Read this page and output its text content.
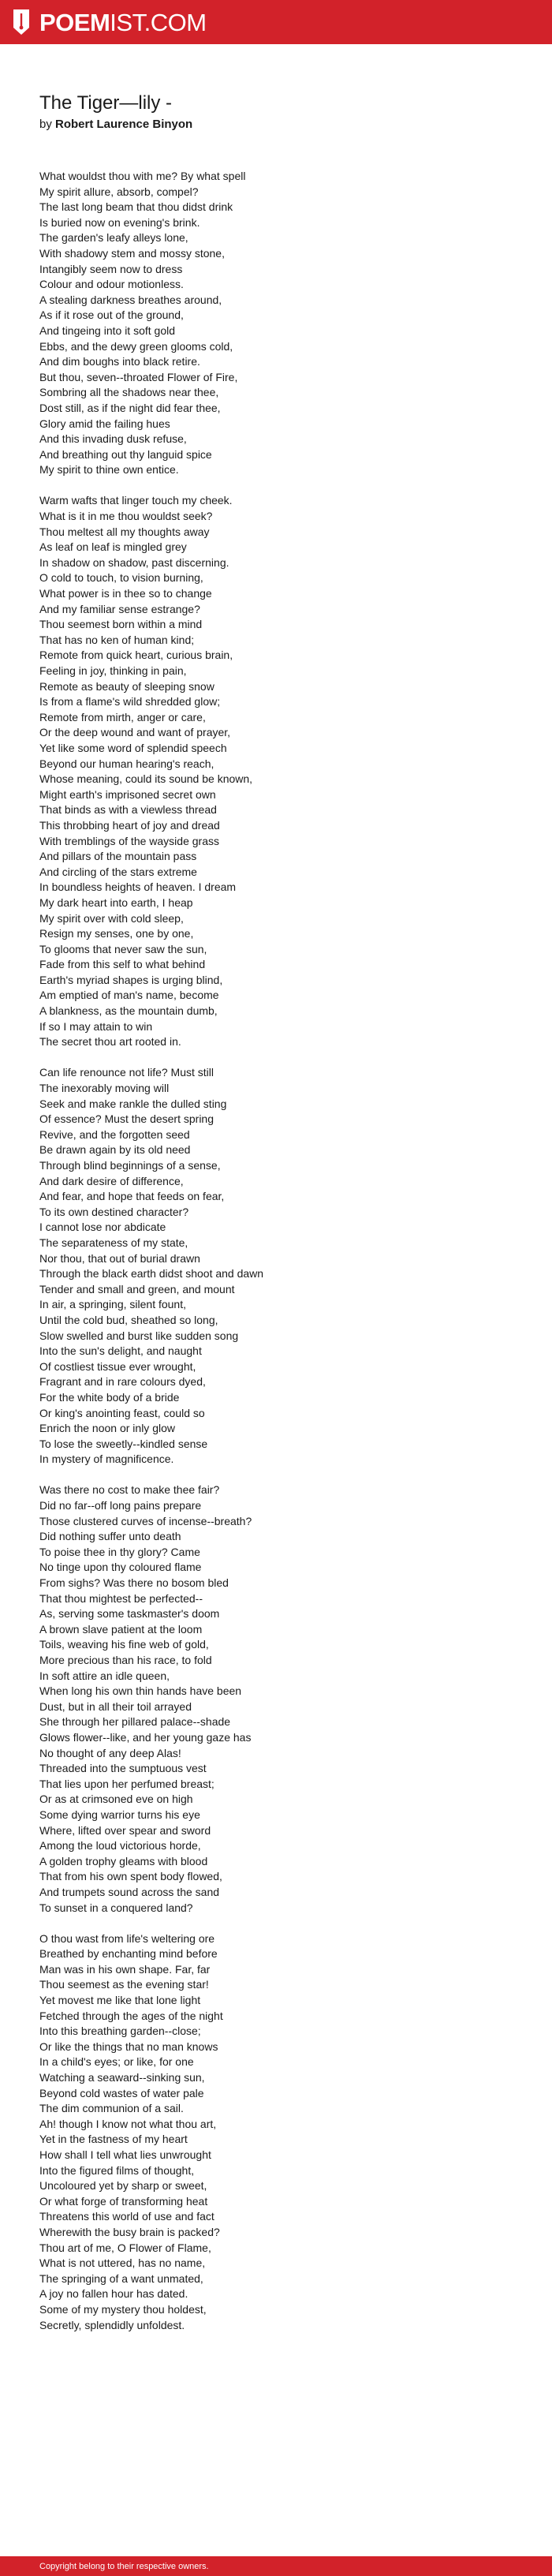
POEMIST.COM
The Tiger—lily -
by Robert Laurence Binyon
What wouldst thou with me? By what spell
My spirit allure, absorb, compel?
The last long beam that thou didst drink
Is buried now on evening's brink.
The garden's leafy alleys lone,
With shadowy stem and mossy stone,
Intangibly seem now to dress
Colour and odour motionless.
A stealing darkness breathes around,
As if it rose out of the ground,
And tingeing into it soft gold
Ebbs, and the dewy green glooms cold,
And dim boughs into black retire.
But thou, seven--throated Flower of Fire,
Sombring all the shadows near thee,
Dost still, as if the night did fear thee,
Glory amid the failing hues
And this invading dusk refuse,
And breathing out thy languid spice
My spirit to thine own entice.
Warm wafts that linger touch my cheek.
What is it in me thou wouldst seek?
Thou meltest all my thoughts away
As leaf on leaf is mingled grey
In shadow on shadow, past discerning.
O cold to touch, to vision burning,
What power is in thee so to change
And my familiar sense estrange?
Thou seemest born within a mind
That has no ken of human kind;
Remote from quick heart, curious brain,
Feeling in joy, thinking in pain,
Remote as beauty of sleeping snow
Is from a flame's wild shredded glow;
Remote from mirth, anger or care,
Or the deep wound and want of prayer,
Yet like some word of splendid speech
Beyond our human hearing's reach,
Whose meaning, could its sound be known,
Might earth's imprisoned secret own
That binds as with a viewless thread
This throbbing heart of joy and dread
With tremblings of the wayside grass
And pillars of the mountain pass
And circling of the stars extreme
In boundless heights of heaven. I dream
My dark heart into earth, I heap
My spirit over with cold sleep,
Resign my senses, one by one,
To glooms that never saw the sun,
Fade from this self to what behind
Earth's myriad shapes is urging blind,
Am emptied of man's name, become
A blankness, as the mountain dumb,
If so I may attain to win
The secret thou art rooted in.
Can life renounce not life? Must still
The inexorably moving will
Seek and make rankle the dulled sting
Of essence? Must the desert spring
Revive, and the forgotten seed
Be drawn again by its old need
Through blind beginnings of a sense,
And dark desire of difference,
And fear, and hope that feeds on fear,
To its own destined character?
I cannot lose nor abdicate
The separateness of my state,
Nor thou, that out of burial drawn
Through the black earth didst shoot and dawn
Tender and small and green, and mount
In air, a springing, silent fount,
Until the cold bud, sheathed so long,
Slow swelled and burst like sudden song
Into the sun's delight, and naught
Of costliest tissue ever wrought,
Fragrant and in rare colours dyed,
For the white body of a bride
Or king's anointing feast, could so
Enrich the noon or inly glow
To lose the sweetly--kindled sense
In mystery of magnificence.
Was there no cost to make thee fair?
Did no far--off long pains prepare
Those clustered curves of incense--breath?
Did nothing suffer unto death
To poise thee in thy glory? Came
No tinge upon thy coloured flame
From sighs? Was there no bosom bled
That thou mightest be perfected--
As, serving some taskmaster's doom
A brown slave patient at the loom
Toils, weaving his fine web of gold,
More precious than his race, to fold
In soft attire an idle queen,
When long his own thin hands have been
Dust, but in all their toil arrayed
She through her pillared palace--shade
Glows flower--like, and her young gaze has
No thought of any deep Alas!
Threaded into the sumptuous vest
That lies upon her perfumed breast;
Or as at crimsoned eve on high
Some dying warrior turns his eye
Where, lifted over spear and sword
Among the loud victorious horde,
A golden trophy gleams with blood
That from his own spent body flowed,
And trumpets sound across the sand
To sunset in a conquered land?
O thou wast from life's weltering ore
Breathed by enchanting mind before
Man was in his own shape. Far, far
Thou seemest as the evening star!
Yet movest me like that lone light
Fetched through the ages of the night
Into this breathing garden--close;
Or like the things that no man knows
In a child's eyes; or like, for one
Watching a seaward--sinking sun,
Beyond cold wastes of water pale
The dim communion of a sail.
Ah! though I know not what thou art,
Yet in the fastness of my heart
How shall I tell what lies unwrought
Into the figured films of thought,
Uncoloured yet by sharp or sweet,
Or what forge of transforming heat
Threatens this world of use and fact
Wherewith the busy brain is packed?
Thou art of me, O Flower of Flame,
What is not uttered, has no name,
The springing of a want unmated,
A joy no fallen hour has dated.
Some of my mystery thou holdest,
Secretly, splendidly unfoldest.
Copyright belong to their respective owners.
